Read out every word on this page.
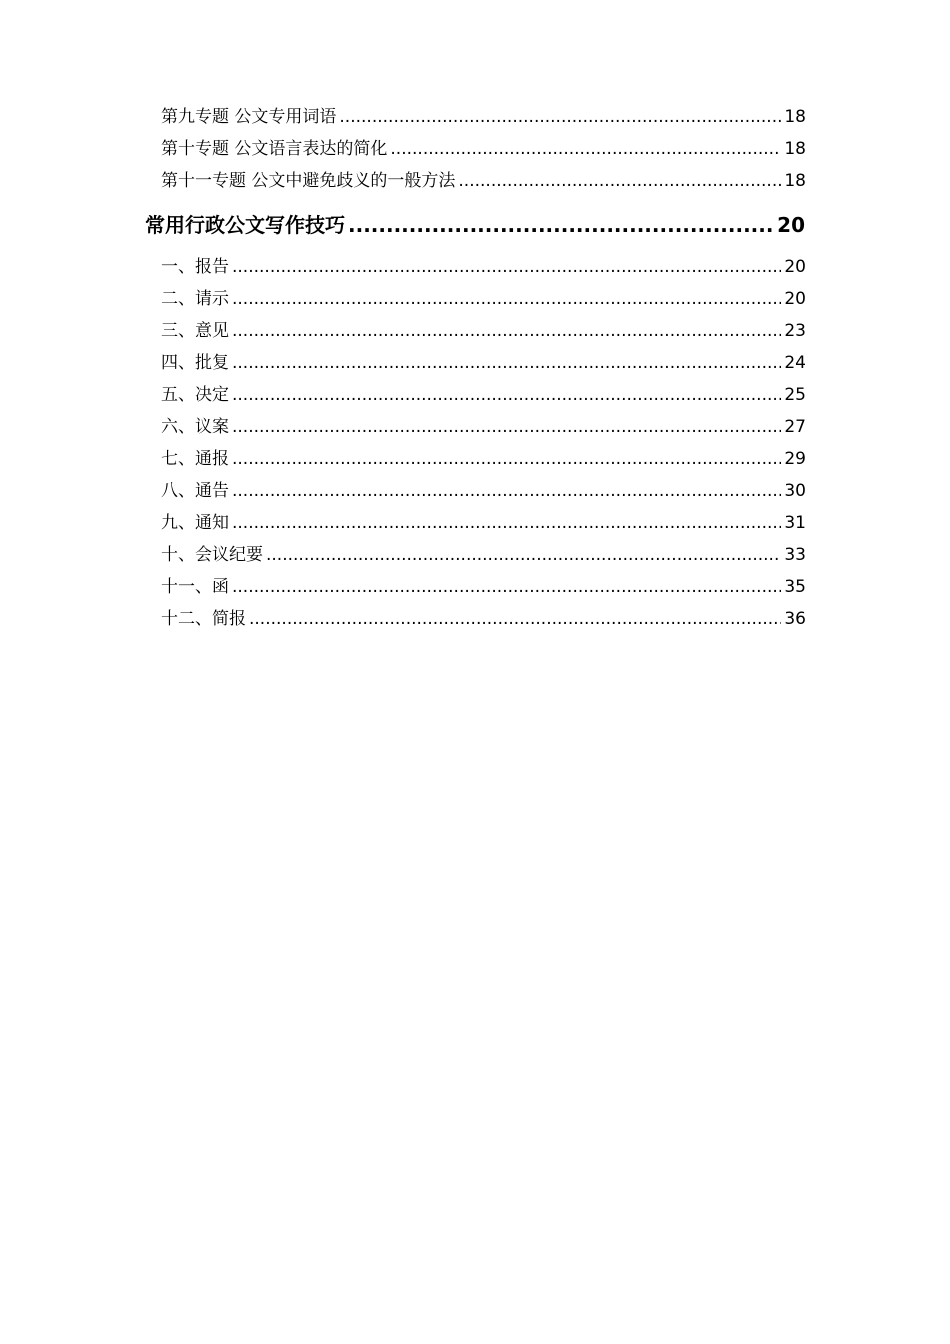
第九专题 公文专用词语 .....	18
第十专题 公文语言表达的简化 .....	18
第十一专题 公文中避免歧义的一般方法 .....	18
常用行政公文写作技巧 .....	20
一、报告 .....	20
二、请示 .....	20
三、意见 .....	23
四、批复 .....	24
五、决定 .....	25
六、议案 .....	27
七、通报 .....	29
八、通告 .....	30
九、通知 .....	31
十、会议纪要 .....	33
十一、函 .....	35
十二、简报 .....	36
